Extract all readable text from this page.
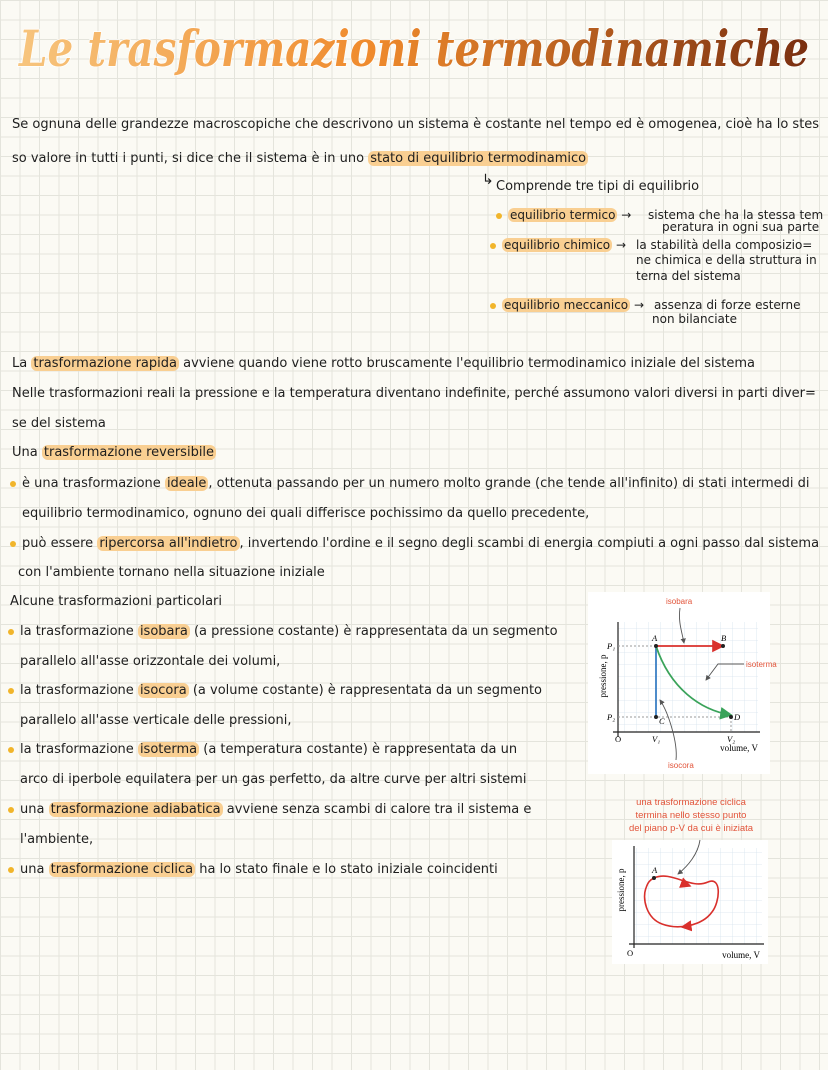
Le trasformazioni termodinamiche
Se ognuna delle grandezze macroscopiche che descrivono un sistema è costante nel tempo ed è omogenea, cioè ha lo stes
so valore in tutti i punti, si dice che il sistema è in uno stato di equilibrio termodinamico
↳ Comprende tre tipi di equilibrio
equilibrio termico → sistema che ha la stessa tem
peratura in ogni sua parte
equilibrio chimico → la stabilità della composizio=
ne chimica e della struttura in
terna del sistema
equilibrio meccanico → assenza di forze esterne
non bilanciate
La trasformazione rapida avviene quando viene rotto bruscamente l'equilibrio termodinamico iniziale del sistema
Nelle trasformazioni reali la pressione e la temperatura diventano indefinite, perché assumono valori diversi in parti diver=
se del sistema
Una trasformazione reversibile
è una trasformazione ideale , ottenuta passando per un numero molto grande (che tende all'infinito) di stati intermedi di
equilibrio termodinamico, ognuno dei quali differisce pochissimo da quello precedente,
può essere ripercorsa all'indietro , invertendo l'ordine e il segno degli scambi di energia compiuti a ogni passo dal sistema
con l'ambiente tornano nella situazione iniziale
Alcune trasformazioni particolari
la trasformazione isobara (a pressione costante) è rappresentata da un segmento
parallelo all'asse orizzontale dei volumi,
la trasformazione isocora (a volume costante) è rappresentata da un segmento
parallelo all'asse verticale delle pressioni,
la trasformazione isoterma (a temperatura costante) è rappresentata da un
arco di iperbole equilatera per un gas perfetto, da altre curve per altri sistemi
una trasformazione adiabatica avviene senza scambi di calore tra il sistema e
l'ambiente,
una trasformazione ciclica ha lo stato finale e lo stato iniziale coincidenti
pressione, p
volume, V
A	B
C	D
P₁
P₂
V₁	V₂
O
isobara
isoterma
isocora
una trasformazione ciclica
termina nello stesso punto
del piano p-V da cui è iniziata
pressione, p
volume, V
O
A
